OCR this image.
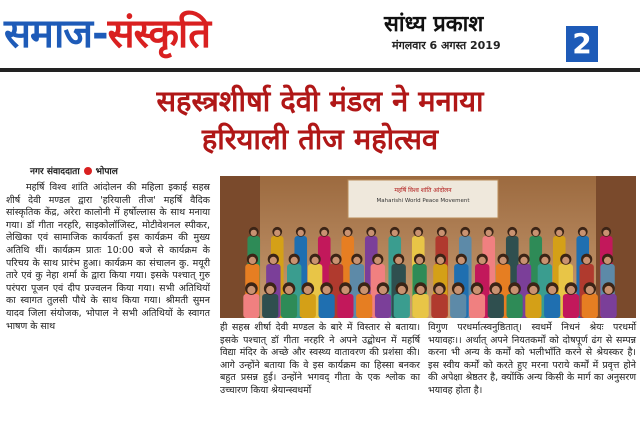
समाज-संस्कृति	सांध्य प्रकाश
मंगलवार 6 अगस्त 2019	2
सहस्त्रशीर्षा देवी मंडल ने मनाया
हरियाली तीज महोत्सव
नगर संवाददाता भोपाल

महर्षि विश्व शांति आंदोलन की महिला इकाई सहस्र शीर्ष देवी मण्डल द्वारा 'हरियाली तीज' महर्षि वैदिक सांस्कृतिक केंद्र, अरेरा कालोनी में हर्षोल्लास के साथ मनाया गया। डॉ गीता नरहरि, साइकोलॉजिस्ट, मोटीवेशनल स्पीकर, लेखिका एवं सामाजिक कार्यकर्ता इस कार्यक्रम की मुख्य अतिथि थीं। कार्यक्रम प्रातः 10:00 बजे से कार्यक्रम के परिचय के साथ प्रारंभ हुआ। कार्यक्रम का संचालन कु. मयूरी तारे एवं कु नेहा शर्मा के द्वारा किया गया। इसके पश्चात् गुरु परंपरा पूजन एवं दीप प्रज्वलन किया गया। सभी अतिथियों का स्वागत तुलसी पौधे के साथ किया गया। श्रीमती सुमन यादव जिला संयोजक, भोपाल ने सभी अतिथियों के स्वागत भाषण के साथ

महर्षि विश्व शांति आंदोलन
Maharishi World Peace Movement

ही सहस्र शीर्षा देवी मण्डल के बारे में विस्तार से बताया। इसके पश्चात् डॉ गीता नरहरि ने अपने उद्बोधन में महर्षि विद्या मंदिर के अच्छे और स्वस्थ्य वातावरण की प्रशंसा की। आगे उन्होंने बताया कि वे इस कार्यक्रम का हिस्सा बनकर बहुत प्रसन्न हुई। उन्होंने भगवद् गीता के एक श्लोक का उच्चारण किया श्रेयान्स्वधर्मो

विगुण परधर्मात्स्वनुष्ठितात्। स्वधर्मे निधनं श्रेयः परधर्मो भयावहः।। अर्थात् अपने नियतकर्मों को दोषपूर्ण ढंग से सम्पन्न करना भी अन्य के कर्मों को भलीभाँति करने से श्रेयस्कर है। इस स्वीय कर्मों को करते हुए मरना पराये कर्मों में प्रवृत्त होने की अपेक्षा श्रेष्ठतर है, क्योंकि अन्य किसी के मार्ग का अनुसरण भयावह होता है।
